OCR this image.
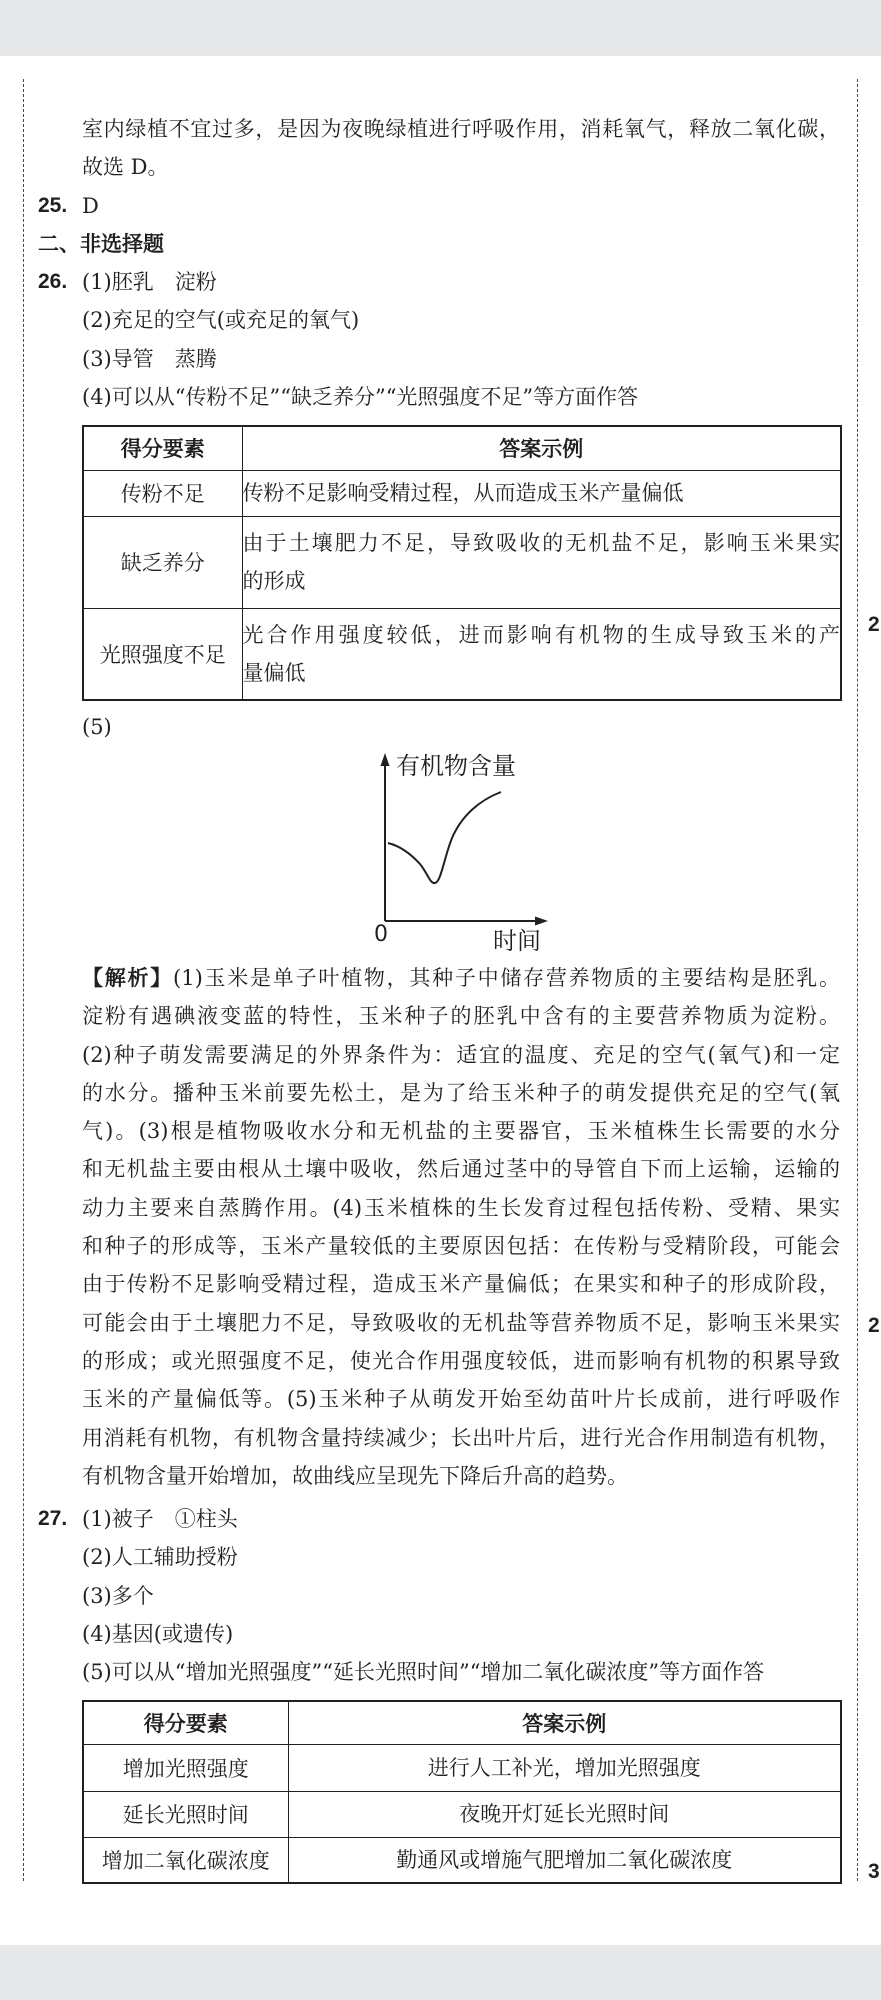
室内绿植不宜过多，是因为夜晚绿植进行呼吸作用，消耗氧气，释放二氧化碳，
故选 D。
25. D
二、非选择题
26. (1)胚乳　淀粉
(2)充足的空气(或充足的氧气)
(3)导管　蒸腾
(4)可以从“传粉不足”“缺乏养分”“光照强度不足”等方面作答
得分要素	答案示例
传粉不足	传粉不足影响受精过程，从而造成玉米产量偏低

缺乏养分	由于土壤肥力不足，导致吸收的无机盐不足，影响玉米果实
的形成

光照强度不足	光合作用强度较低，进而影响有机物的生成导致玉米的产
量偏低
(5)
有机物含量
0	时间
【解析】(1)玉米是单子叶植物，其种子中储存营养物质的主要结构是胚乳。
淀粉有遇碘液变蓝的特性，玉米种子的胚乳中含有的主要营养物质为淀粉。
(2)种子萌发需要满足的外界条件为：适宜的温度、充足的空气(氧气)和一定
的水分。播种玉米前要先松土，是为了给玉米种子的萌发提供充足的空气(氧
气)。(3)根是植物吸收水分和无机盐的主要器官，玉米植株生长需要的水分
和无机盐主要由根从土壤中吸收，然后通过茎中的导管自下而上运输，运输的
动力主要来自蒸腾作用。(4)玉米植株的生长发育过程包括传粉、受精、果实
和种子的形成等，玉米产量较低的主要原因包括：在传粉与受精阶段，可能会
由于传粉不足影响受精过程，造成玉米产量偏低；在果实和种子的形成阶段，
可能会由于土壤肥力不足，导致吸收的无机盐等营养物质不足，影响玉米果实
的形成；或光照强度不足，使光合作用强度较低，进而影响有机物的积累导致
玉米的产量偏低等。(5)玉米种子从萌发开始至幼苗叶片长成前，进行呼吸作
用消耗有机物，有机物含量持续减少；长出叶片后，进行光合作用制造有机物，
有机物含量开始增加，故曲线应呈现先下降后升高的趋势。
27. (1)被子　①柱头
(2)人工辅助授粉
(3)多个
(4)基因(或遗传)
(5)可以从“增加光照强度”“延长光照时间”“增加二氧化碳浓度”等方面作答
得分要素	答案示例
增加光照强度	进行人工补光，增加光照强度
延长光照时间	夜晚开灯延长光照时间
增加二氧化碳浓度	勤通风或增施气肥增加二氧化碳浓度
2
2
3
